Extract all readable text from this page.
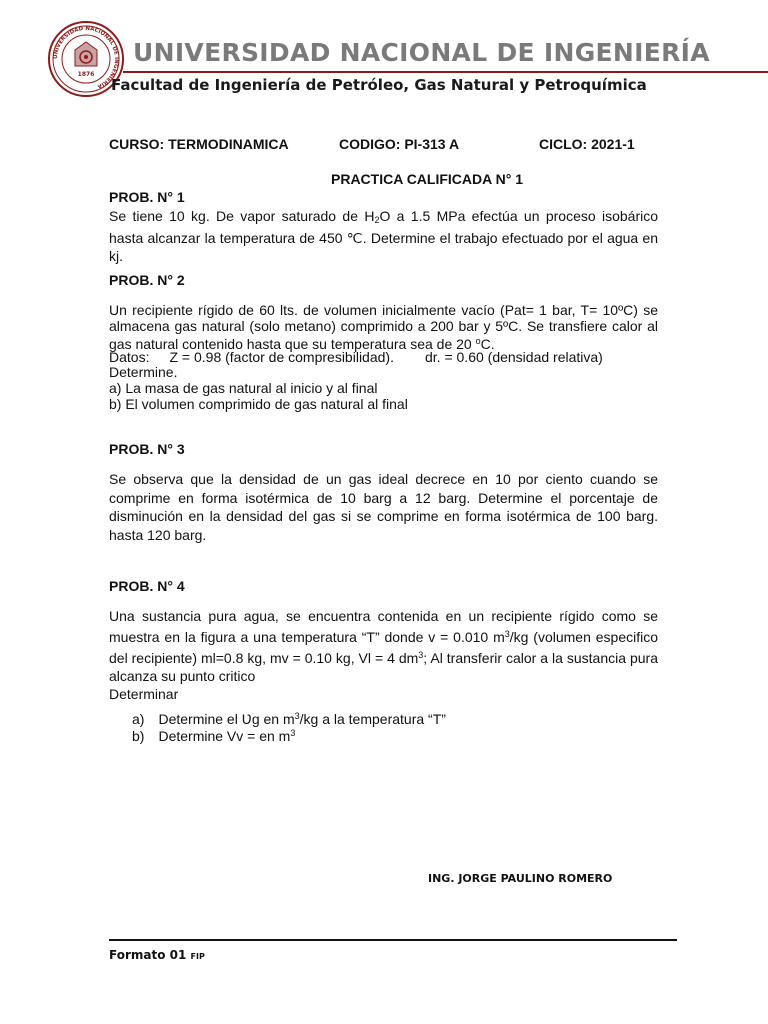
UNIVERSIDAD NACIONAL DE INGENIERIA
1876
UNIVERSIDAD NACIONAL DE INGENIERÍA
Facultad de Ingeniería de Petróleo, Gas Natural y Petroquímica
CURSO: TERMODINAMICA	CODIGO: PI-313 A	CICLO: 2021-1
PRACTICA CALIFICADA N° 1
PROB. N° 1
Se tiene 10 kg. De vapor saturado de $H_2O$ a 1.5 MPa efectúa un proceso isobárico hasta alcanzar la temperatura de 450 ℃. Determine el trabajo efectuado por el agua en kj.
PROB. N° 2
Un recipiente rígido de 60 lts. de volumen inicialmente vacío (Pat= 1 bar, T= 10ºC) se almacena gas natural (solo metano) comprimido a 200 bar y 5ºC. Se transfiere calor al gas natural contenido hasta que su temperatura sea de 20 $^o$C.
Datos: Z = 0.98 (factor de compresibilidad). dr. = 0.60 (densidad relativa)
Determine.
a) La masa de gas natural al inicio y al final
b) El volumen comprimido de gas natural al final
PROB. N° 3
Se observa que la densidad de un gas ideal decrece en 10 por ciento cuando se comprime en forma isotérmica de 10 barg a 12 barg. Determine el porcentaje de disminución en la densidad del gas si se comprime en forma isotérmica de 100 barg. hasta 120 barg.
PROB. N° 4
Una sustancia pura agua, se encuentra contenida en un recipiente rígido como se muestra en la figura a una temperatura “T” donde v = 0.010 $m^3/kg$ (volumen especifico del recipiente) ml=0.8 kg, mv = 0.10 kg, Vl = 4 $dm^3$; Al transferir calor a la sustancia pura alcanza su punto critico
Determinar
a) Determine el Ʋg en $m^3/kg$ a la temperatura “T”
b) Determine Vv = en $m^3$
ING. JORGE PAULINO ROMERO
Formato 01 FIP
